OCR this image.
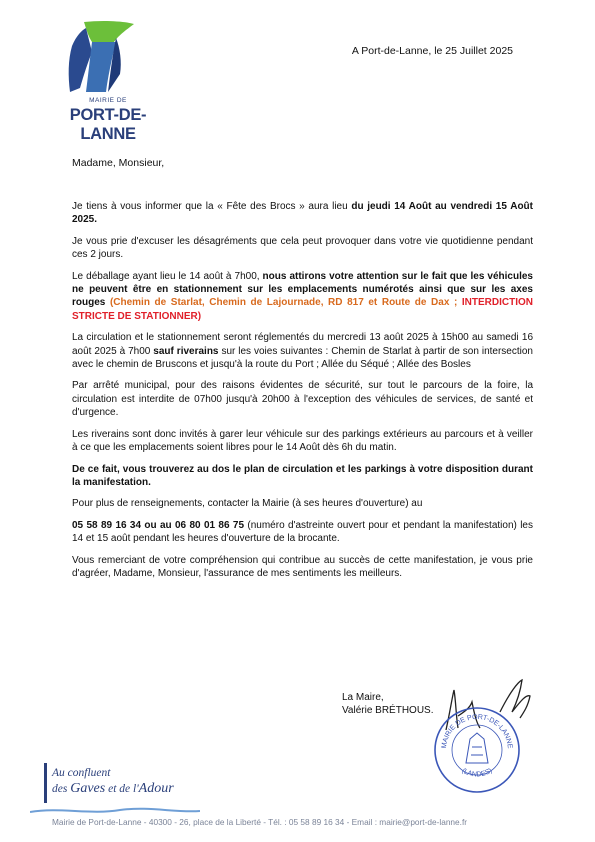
MAIRIE DE
PORT-DE-LANNE
A Port-de-Lanne, le 25 Juillet 2025
Madame, Monsieur,

Je tiens à vous informer que la « Fête des Brocs » aura lieu du jeudi 14 Août au vendredi 15 Août 2025.

Je vous prie d'excuser les désagréments que cela peut provoquer dans votre vie quotidienne pendant ces 2 jours.

Le déballage ayant lieu le 14 août à 7h00, nous attirons votre attention sur le fait que les véhicules ne peuvent être en stationnement sur les emplacements numérotés ainsi que sur les axes rouges (Chemin de Starlat, Chemin de Lajournade, RD 817 et Route de Dax ; INTERDICTION STRICTE DE STATIONNER)

La circulation et le stationnement seront réglementés du mercredi 13 août 2025 à 15h00 au samedi 16 août 2025 à 7h00 sauf riverains sur les voies suivantes : Chemin de Starlat à partir de son intersection avec le chemin de Bruscons et jusqu'à la route du Port ; Allée du Séqué ; Allée des Bosles

Par arrêté municipal, pour des raisons évidentes de sécurité, sur tout le parcours de la foire, la circulation est interdite de 07h00 jusqu'à 20h00 à l'exception des véhicules de services, de santé et d'urgence.

Les riverains sont donc invités à garer leur véhicule sur des parkings extérieurs au parcours et à veiller à ce que les emplacements soient libres pour le 14 Août dès 6h du matin.

De ce fait, vous trouverez au dos le plan de circulation et les parkings à votre disposition durant la manifestation.

Pour plus de renseignements, contacter la Mairie (à ses heures d'ouverture) au

05 58 89 16 34 ou au 06 80 01 86 75 (numéro d'astreinte ouvert pour et pendant la manifestation) les 14 et 15 août pendant les heures d'ouverture de la brocante.

Vous remerciant de votre compréhension qui contribue au succès de cette manifestation, je vous prie d'agréer, Madame, Monsieur, l'assurance de mes sentiments les meilleurs.

La Maire,
Valérie BRÉTHOUS.
MAIRIE DE PORT-DE-LANNE
(LANDES)
Au confluent
des Gaves et de l'Adour
Mairie de Port-de-Lanne - 40300 - 26, place de la Liberté - Tél. : 05 58 89 16 34 - Email : mairie@port-de-lanne.fr
